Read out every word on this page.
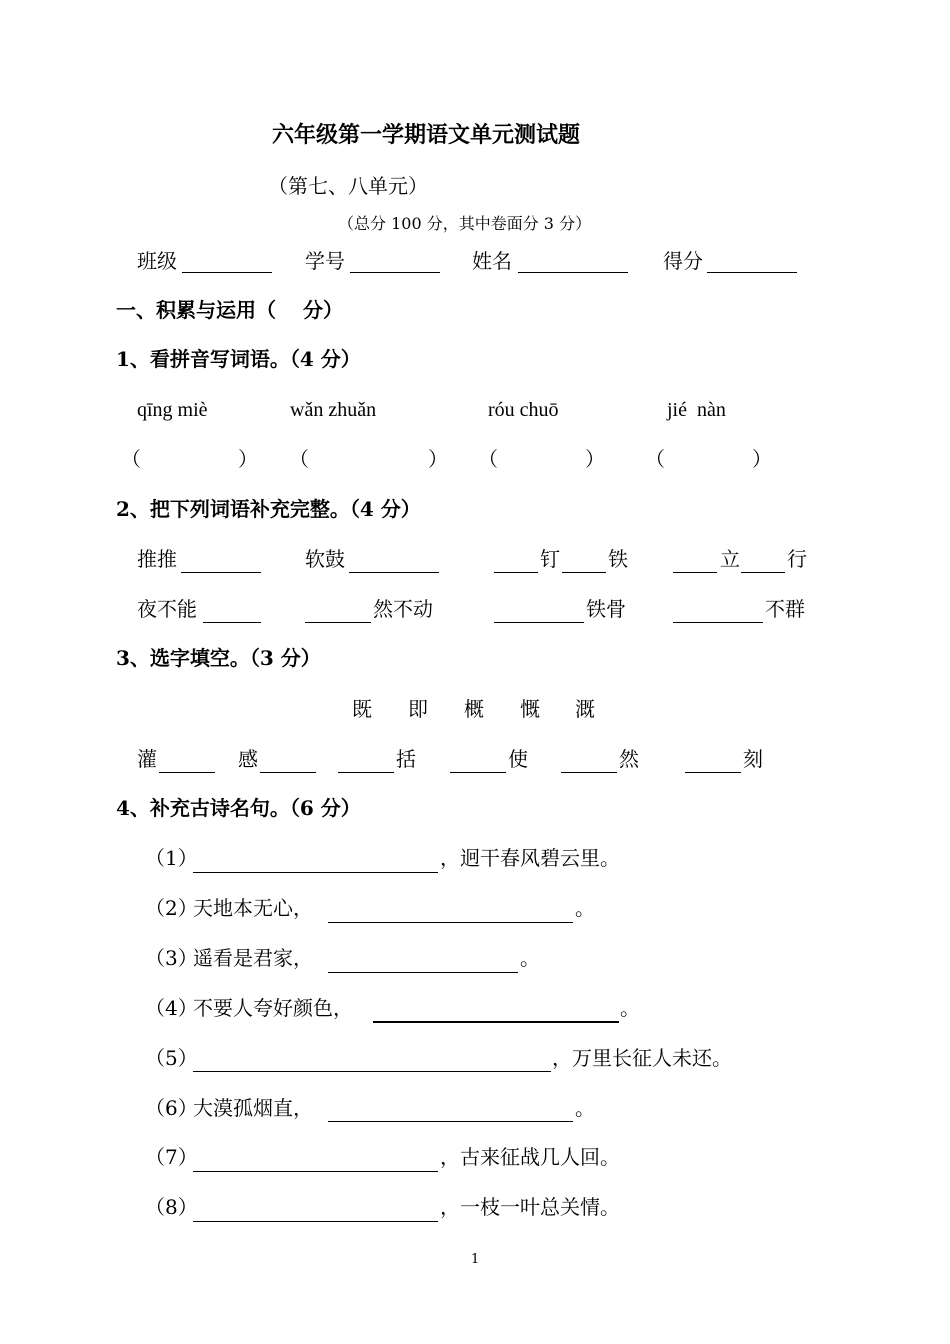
六年级第一学期语文单元测试题
（第七、八单元）
（总分 100 分，其中卷面分 3 分）
班级	学号	姓名	得分
一、积累与运用（　 分）
1、看拼音写词语。（4 分）
qīng miè	wǎn zhuǎn	róu chuō	jié  nàn
（	） （	） （	） （	）
2、把下列词语补充完整。（4 分）
推推	软鼓	钉 铁	立 行
夜不能	然不动	铁骨	不群
3、选字填空。（3 分）
既 即 概 慨 溉
灌	感	括	使	然	刻
4、补充古诗名句。（6 分）
（1）	，迥干春风碧云里。
（2）
天地本无心，	。
（3）
遥看是君家，	。
（4）
不要人夸好颜色，	。
（5）	，万里长征人未还。
（6）
大漠孤烟直，	。
（7）	，古来征战几人回。
（8）	，一枝一叶总关情。
1
